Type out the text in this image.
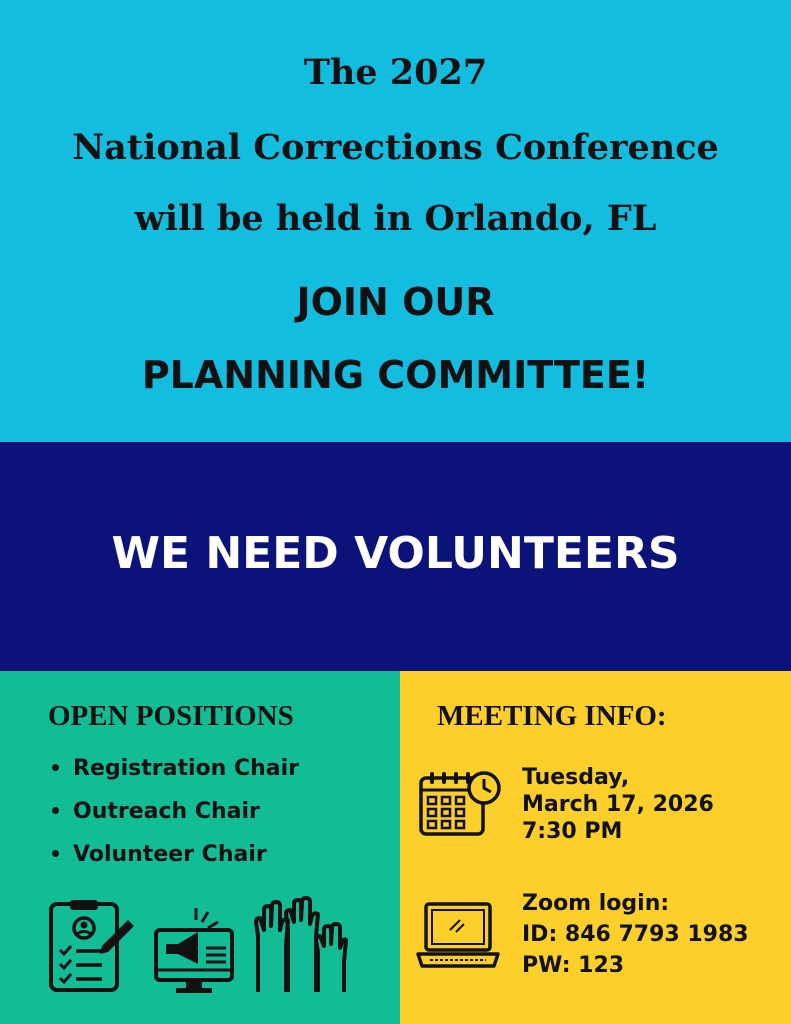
The 2027
National Corrections Conference
will be held in Orlando, FL
JOIN OUR
PLANNING COMMITTEE!
WE NEED VOLUNTEERS
OPEN POSITIONS
Registration Chair
Outreach Chair
Volunteer Chair
MEETING INFO:
Tuesday,
March 17, 2026
7:30 PM
Zoom login:
ID: 846 7793 1983
PW: 123
